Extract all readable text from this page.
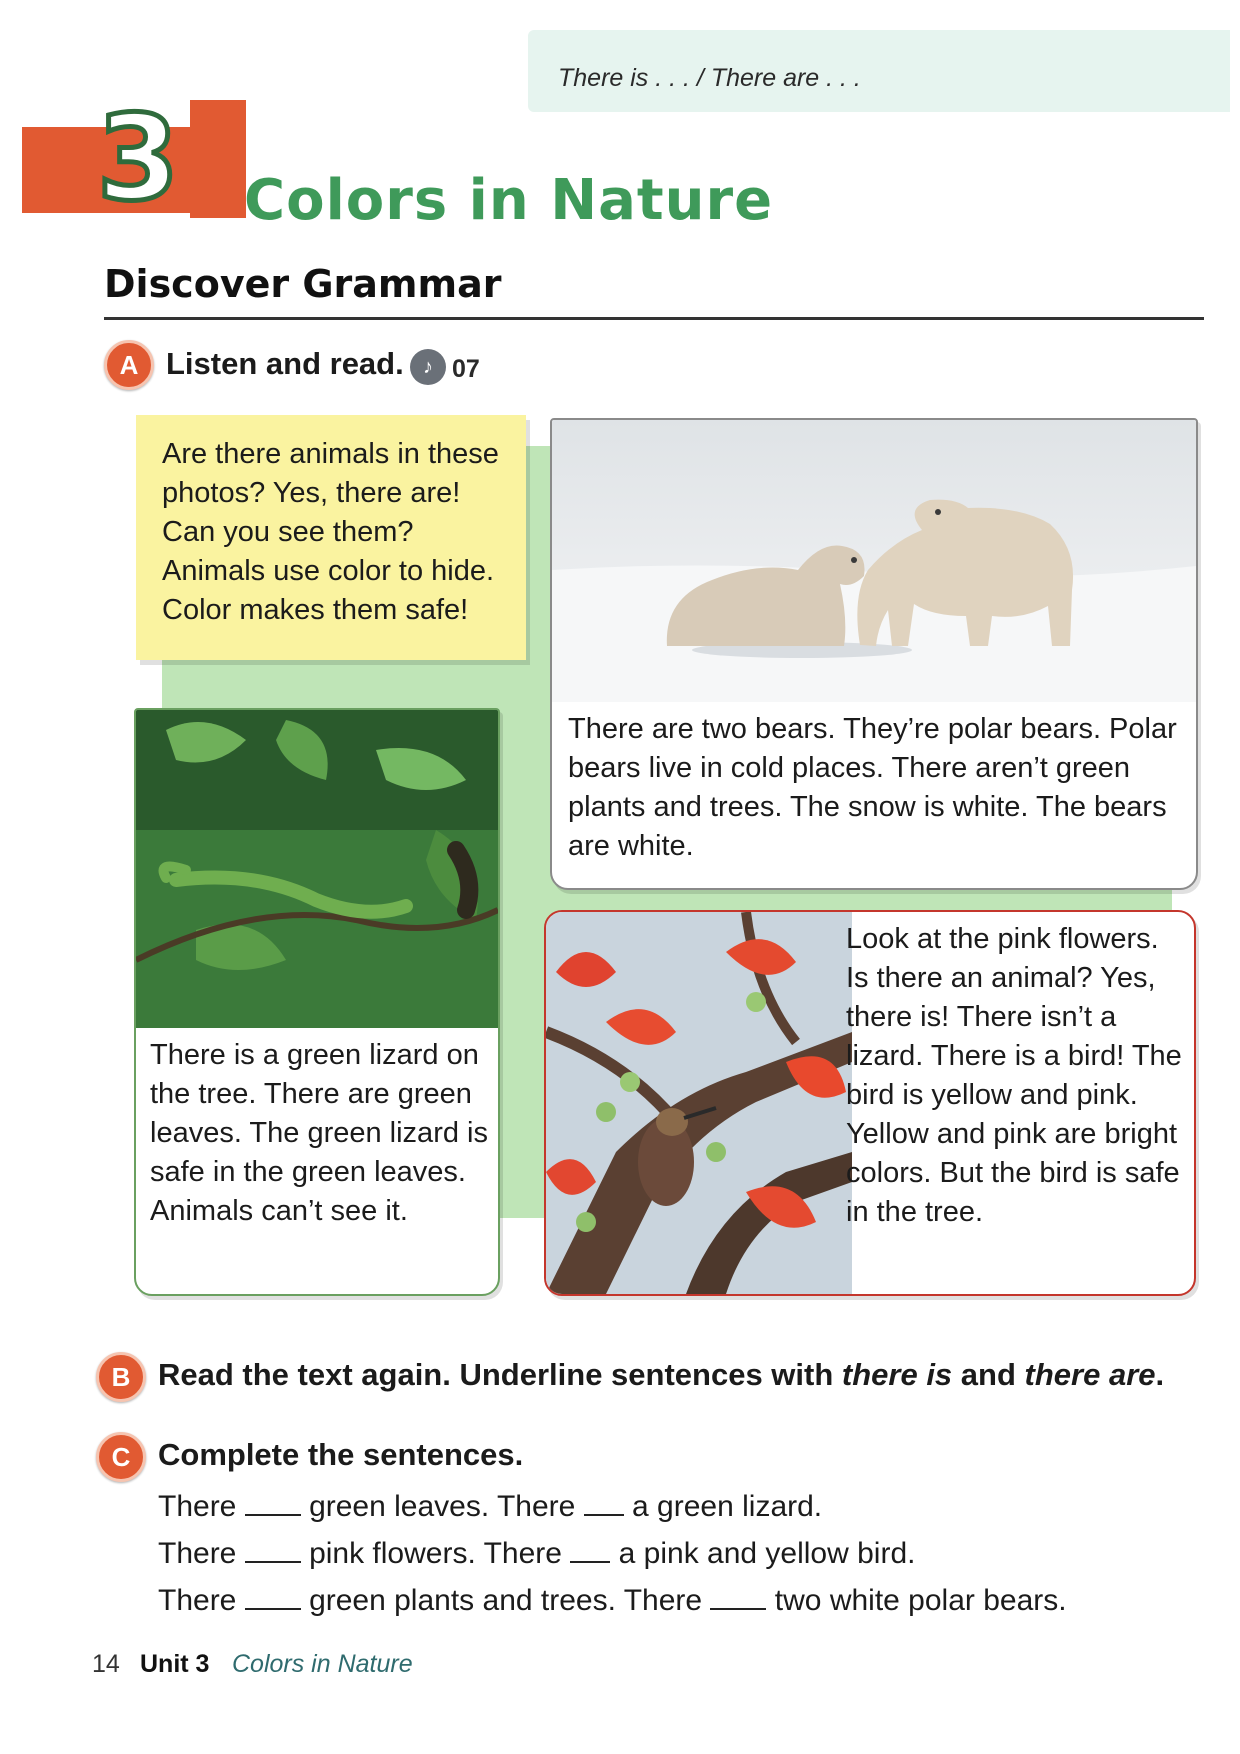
There is . . . / There are . . .
3 Colors in Nature
Discover Grammar
A Listen and read. ♪ 07

Are there animals in these photos? Yes, there are! Can you see them? Animals use color to hide. Color makes them safe!

There are two bears. They’re polar bears. Polar bears live in cold places. There aren’t green plants and trees. The snow is white. The bears are white.
There is a green lizard on the tree. There are green leaves. The green lizard is safe in the green leaves. Animals can’t see it.
Look at the pink flowers. Is there an animal? Yes, there is! There isn’t a lizard. There is a bird! The bird is yellow and pink. Yellow and pink are bright colors. But the bird is safe in the tree.
B Read the text again. Underline sentences with there is and there are.
C Complete the sentences.
There green leaves. There a green lizard.
There pink flowers. There a pink and yellow bird.
There green plants and trees. There two white polar bears.
14 Unit 3 Colors in Nature
